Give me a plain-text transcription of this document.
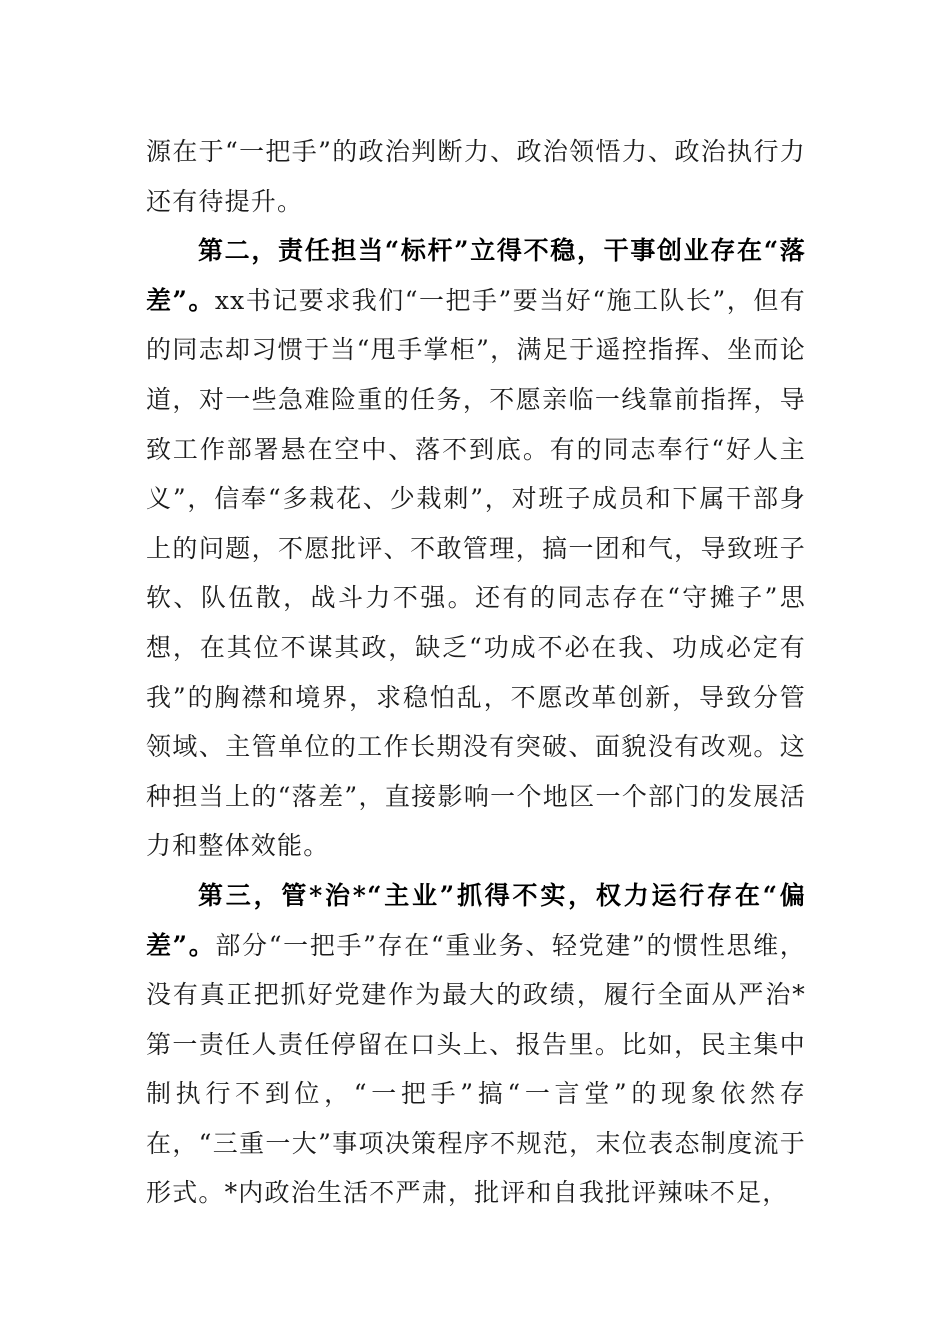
源在于“一把手”的政治判断力、政治领悟力、政治执行力还有待提升。

第二，责任担当“标杆”立得不稳，干事创业存在“落差”。xx书记要求我们“一把手”要当好“施工队长”，但有的同志却习惯于当“甩手掌柜”，满足于遥控指挥、坐而论道，对一些急难险重的任务，不愿亲临一线靠前指挥，导致工作部署悬在空中、落不到底。有的同志奉行“好人主义”，信奉“多栽花、少栽刺”，对班子成员和下属干部身上的问题，不愿批评、不敢管理，搞一团和气，导致班子软、队伍散，战斗力不强。还有的同志存在“守摊子”思想，在其位不谋其政，缺乏“功成不必在我、功成必定有我”的胸襟和境界，求稳怕乱，不愿改革创新，导致分管领域、主管单位的工作长期没有突破、面貌没有改观。这种担当上的“落差”，直接影响一个地区一个部门的发展活力和整体效能。

第三，管*治*“主业”抓得不实，权力运行存在“偏差”。部分“一把手”存在“重业务、轻党建”的惯性思维，没有真正把抓好党建作为最大的政绩，履行全面从严治*第一责任人责任停留在口头上、报告里。比如，民主集中制执行不到位，“一把手”搞“一言堂”的现象依然存在，“三重一大”事项决策程序不规范，末位表态制度流于形式。*内政治生活不严肃，批评和自我批评辣味不足，
